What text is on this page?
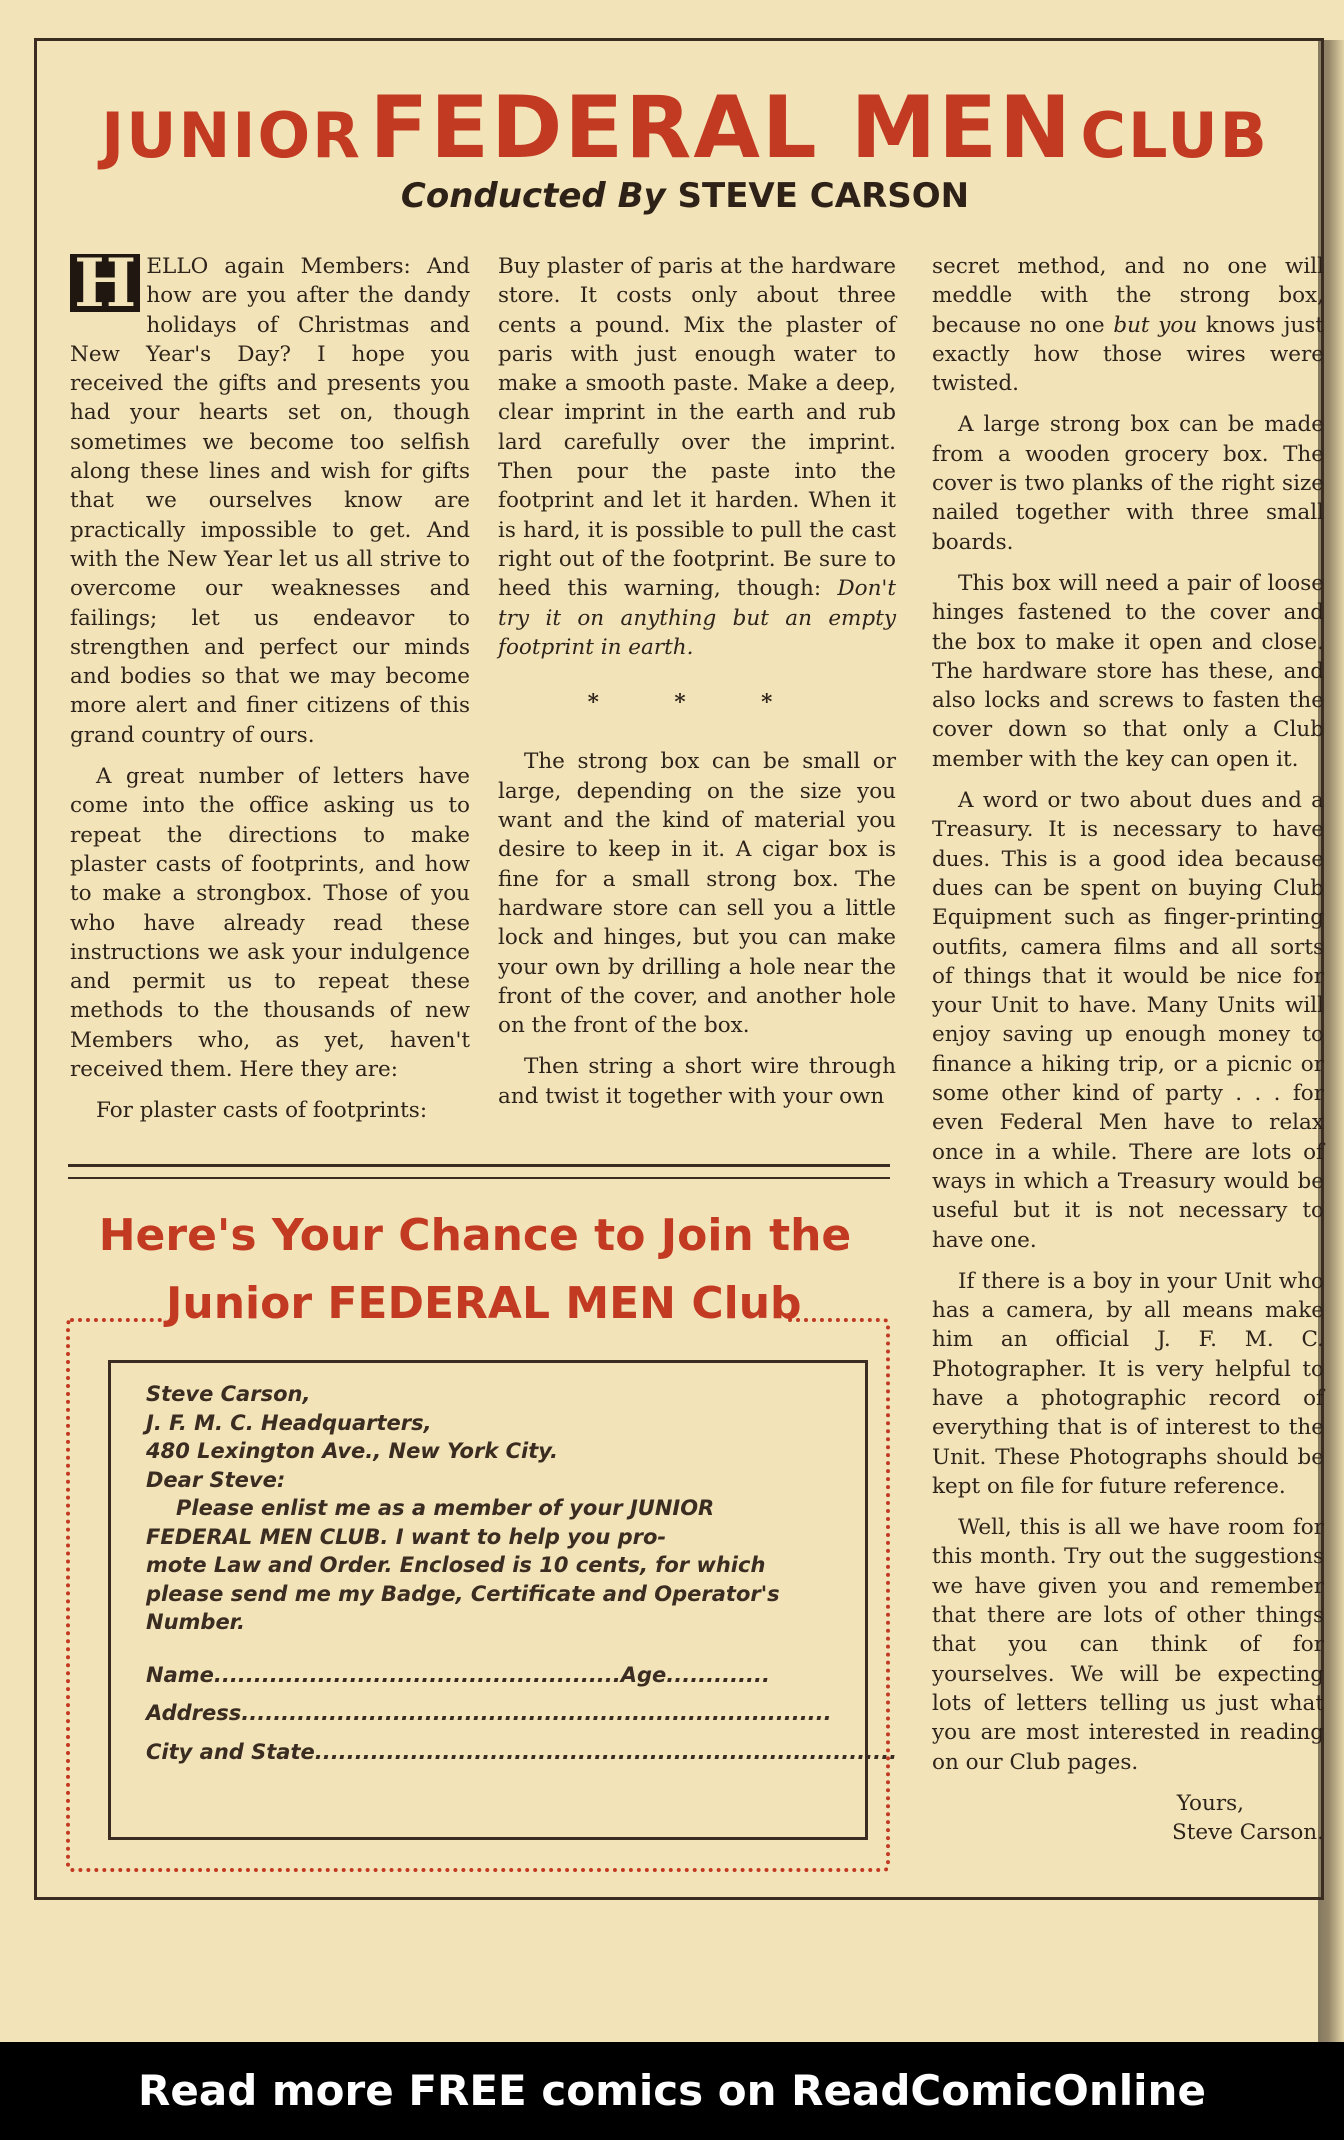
JUNIOR FEDERAL MEN CLUB
Conducted By STEVE CARSON

H ELLO again Members: And how are you after the dandy holidays of Christmas and New Year's Day? I hope you received the gifts and presents you had your hearts set on, though sometimes we become too selfish along these lines and wish for gifts that we ourselves know are practically impossible to get. And with the New Year let us all strive to overcome our weaknesses and failings; let us endeavor to strengthen and perfect our minds and bodies so that we may become more alert and finer citizens of this grand country of ours.

A great number of letters have come into the office asking us to repeat the directions to make plaster casts of footprints, and how to make a strongbox. Those of you who have already read these instructions we ask your indulgence and permit us to repeat these methods to the thousands of new Members who, as yet, haven't received them. Here they are:

For plaster casts of footprints:

Buy plaster of paris at the hardware store. It costs only about three cents a pound. Mix the plaster of paris with just enough water to make a smooth paste. Make a deep, clear imprint in the earth and rub lard carefully over the imprint. Then pour the paste into the footprint and let it harden. When it is hard, it is possible to pull the cast right out of the footprint. Be sure to heed this warning, though: Don't try it on anything but an empty footprint in earth.

* * *

The strong box can be small or large, depending on the size you want and the kind of material you desire to keep in it. A cigar box is fine for a small strong box. The hardware store can sell you a little lock and hinges, but you can make your own by drilling a hole near the front of the cover, and another hole on the front of the box.

Then string a short wire through and twist it together with your own

secret method, and no one will meddle with the strong box, because no one but you knows just exactly how those wires were twisted.

A large strong box can be made from a wooden grocery box. The cover is two planks of the right size nailed together with three small boards.

This box will need a pair of loose hinges fastened to the cover and the box to make it open and close. The hardware store has these, and also locks and screws to fasten the cover down so that only a Club member with the key can open it.

A word or two about dues and a Treasury. It is necessary to have dues. This is a good idea because dues can be spent on buying Club Equipment such as finger-printing outfits, camera films and all sorts of things that it would be nice for your Unit to have. Many Units will enjoy saving up enough money to finance a hiking trip, or a picnic or some other kind of party . . . for even Federal Men have to relax once in a while. There are lots of ways in which a Treasury would be useful but it is not necessary to have one.

If there is a boy in your Unit who has a camera, by all means make him an official J. F. M. C. Photographer. It is very helpful to have a photographic record of everything that is of interest to the Unit. These Photographs should be kept on file for future reference.

Well, this is all we have room for this month. Try out the suggestions we have given you and remember that there are lots of other things that you can think of for yourselves. We will be expecting lots of letters telling us just what you are most interested in reading on our Club pages.

Yours,

Steve Carson.

Here's Your Chance to Join the
Junior FEDERAL MEN Club
Steve Carson,
J. F. M. C. Headquarters,
480 Lexington Ave., New York City.
Dear Steve:
Please enlist me as a member of your JUNIOR
FEDERAL MEN CLUB. I want to help you pro-
mote Law and Order. Enclosed is 10 cents, for which
please send me my Badge, Certificate and Operator's
Number.
Name...................................................Age.............
Address..........................................................................
City and State.........................................................................
Read more FREE comics on ReadComicOnline
